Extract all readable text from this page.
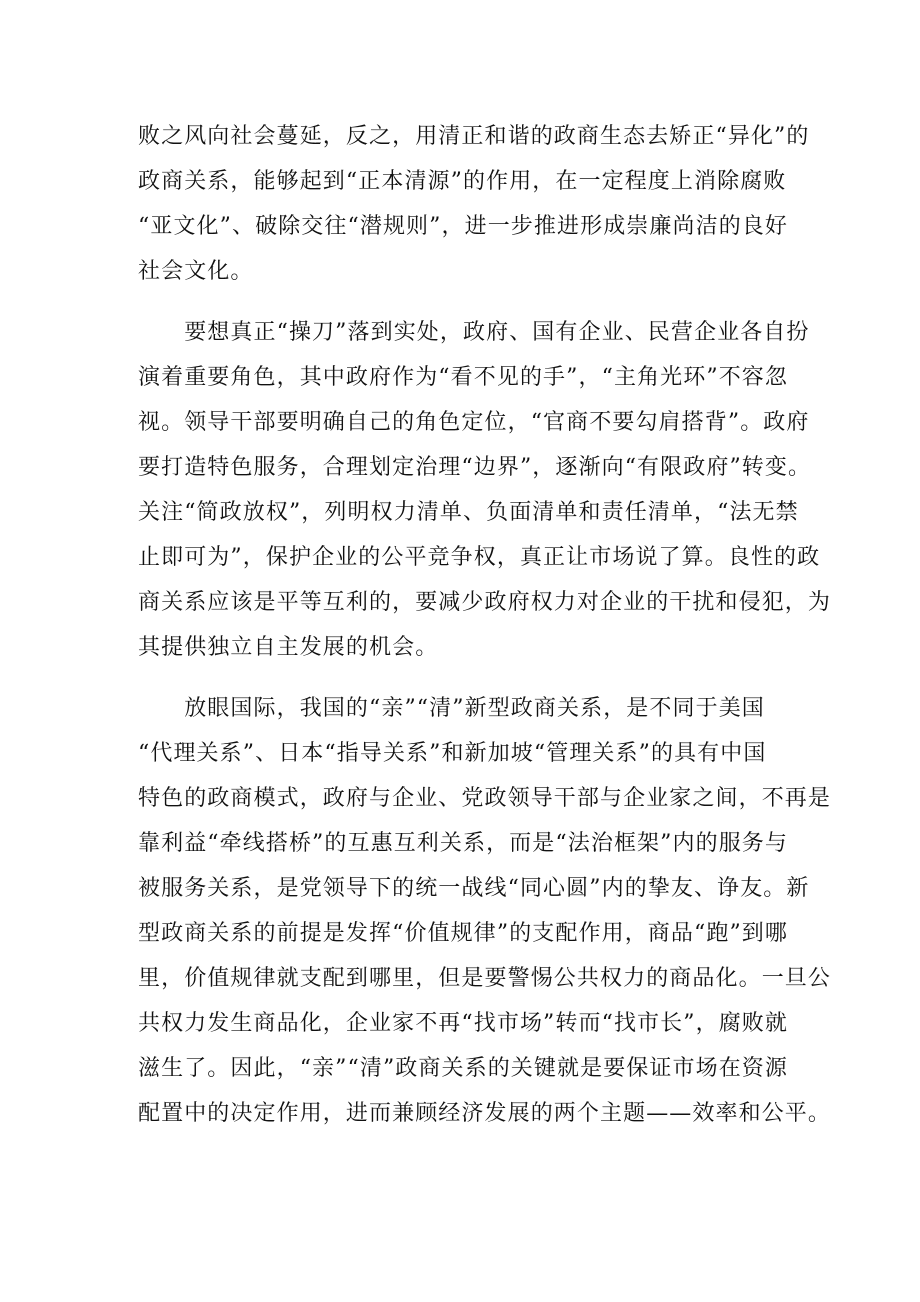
败之风向社会蔓延，反之，用清正和谐的政商生态去矫正“异化”的
政商关系，能够起到“正本清源”的作用，在一定程度上消除腐败
“亚文化”、破除交往“潜规则”，进一步推进形成崇廉尚洁的良好
社会文化。
　　要想真正“操刀”落到实处，政府、国有企业、民营企业各自扮
演着重要角色，其中政府作为“看不见的手”，“主角光环”不容忽
视。领导干部要明确自己的角色定位，“官商不要勾肩搭背”。政府
要打造特色服务，合理划定治理“边界”，逐渐向“有限政府”转变。
关注“简政放权”，列明权力清单、负面清单和责任清单，“法无禁
止即可为”，保护企业的公平竞争权，真正让市场说了算。良性的政
商关系应该是平等互利的，要减少政府权力对企业的干扰和侵犯，为
其提供独立自主发展的机会。
　　放眼国际，我国的“亲”“清”新型政商关系，是不同于美国
“代理关系”、日本“指导关系”和新加坡“管理关系”的具有中国
特色的政商模式，政府与企业、党政领导干部与企业家之间，不再是
靠利益“牵线搭桥”的互惠互利关系，而是“法治框架”内的服务与
被服务关系，是党领导下的统一战线“同心圆”内的挚友、诤友。新
型政商关系的前提是发挥“价值规律”的支配作用，商品“跑”到哪
里，价值规律就支配到哪里，但是要警惕公共权力的商品化。一旦公
共权力发生商品化，企业家不再“找市场”转而“找市长”，腐败就
滋生了。因此，“亲”“清”政商关系的关键就是要保证市场在资源
配置中的决定作用，进而兼顾经济发展的两个主题——效率和公平。
